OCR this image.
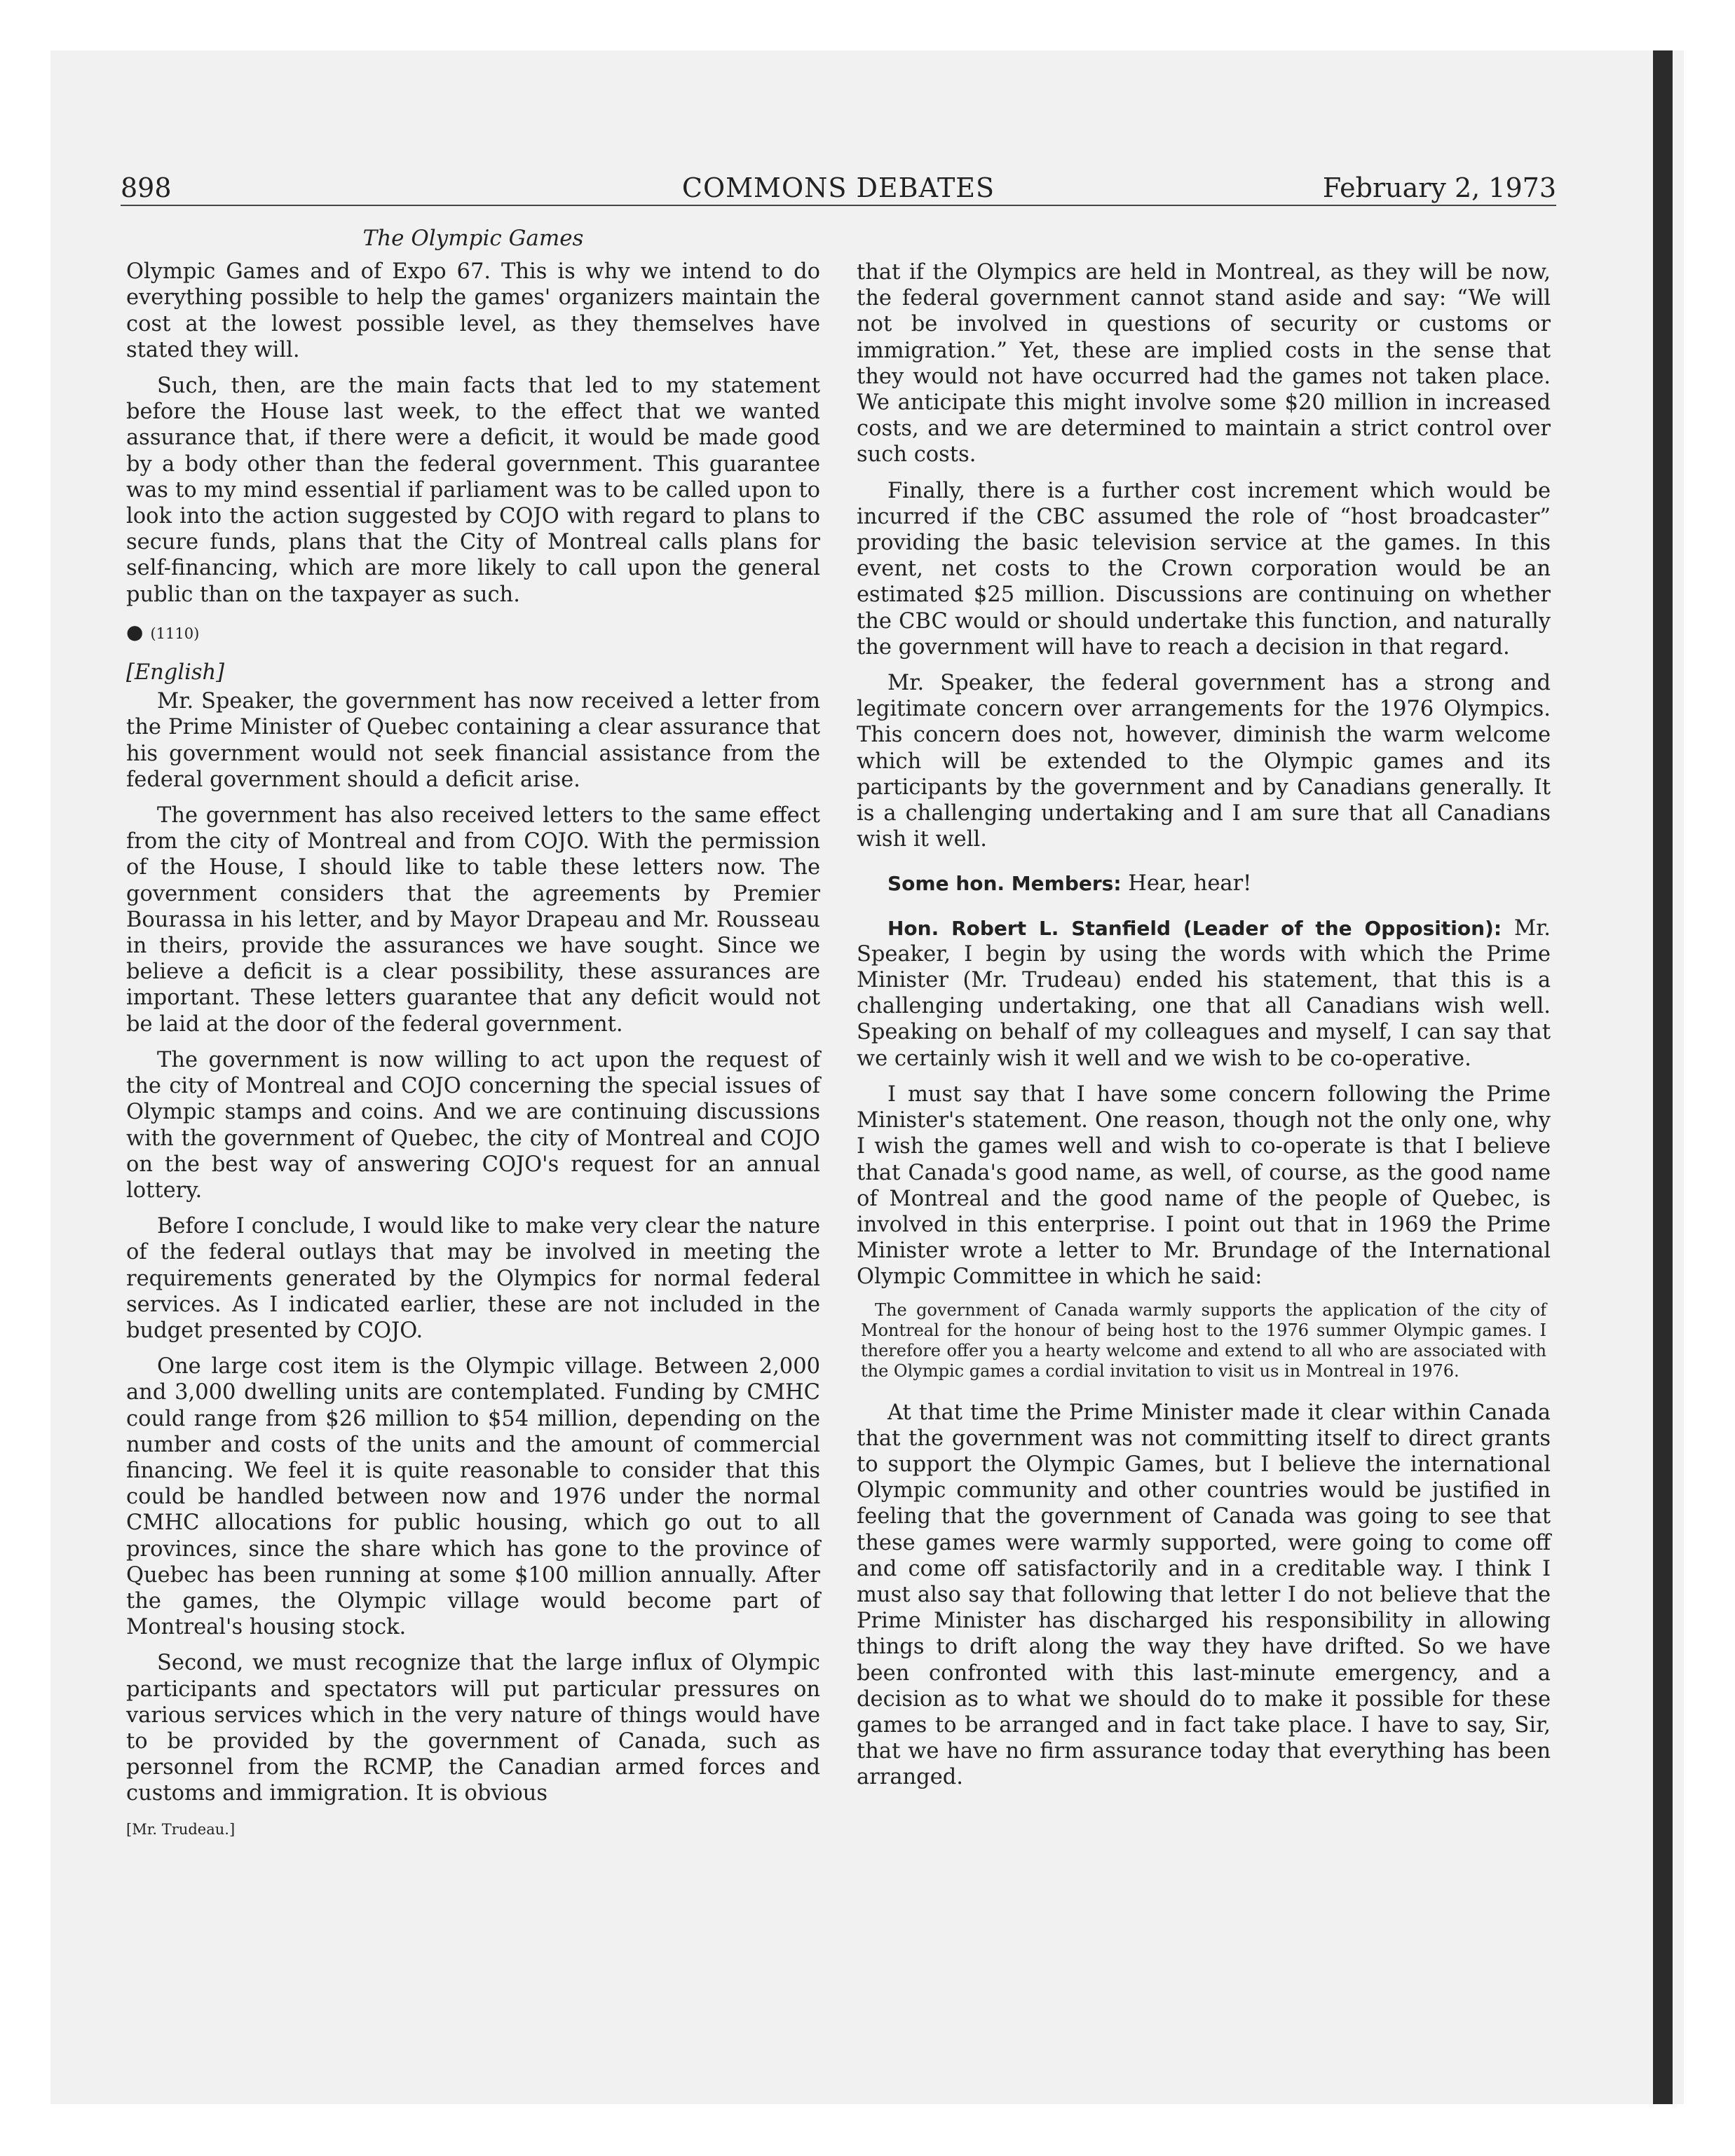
898	COMMONS DEBATES	February 2, 1973
The Olympic Games

Olympic Games and of Expo 67. This is why we intend to do everything possible to help the games' organizers maintain the cost at the lowest possible level, as they themselves have stated they will.

Such, then, are the main facts that led to my statement before the House last week, to the effect that we wanted assurance that, if there were a deficit, it would be made good by a body other than the federal government. This guarantee was to my mind essential if parliament was to be called upon to look into the action suggested by COJO with regard to plans to secure funds, plans that the City of Montreal calls plans for self-financing, which are more likely to call upon the general public than on the taxpayer as such.

● (1110)
[English]

Mr. Speaker, the government has now received a letter from the Prime Minister of Quebec containing a clear assurance that his government would not seek financial assistance from the federal government should a deficit arise.

The government has also received letters to the same effect from the city of Montreal and from COJO. With the permission of the House, I should like to table these letters now. The government considers that the agreements by Premier Bourassa in his letter, and by Mayor Drapeau and Mr. Rousseau in theirs, provide the assurances we have sought. Since we believe a deficit is a clear possibility, these assurances are important. These letters guarantee that any deficit would not be laid at the door of the federal government.

The government is now willing to act upon the request of the city of Montreal and COJO concerning the special issues of Olympic stamps and coins. And we are continuing discussions with the government of Quebec, the city of Montreal and COJO on the best way of answering COJO's request for an annual lottery.

Before I conclude, I would like to make very clear the nature of the federal outlays that may be involved in meeting the requirements generated by the Olympics for normal federal services. As I indicated earlier, these are not included in the budget presented by COJO.

One large cost item is the Olympic village. Between 2,000 and 3,000 dwelling units are contemplated. Funding by CMHC could range from $26 million to $54 million, depending on the number and costs of the units and the amount of commercial financing. We feel it is quite reasonable to consider that this could be handled between now and 1976 under the normal CMHC allocations for public housing, which go out to all provinces, since the share which has gone to the province of Quebec has been running at some $100 million annually. After the games, the Olympic village would become part of Montreal's housing stock.

Second, we must recognize that the large influx of Olympic participants and spectators will put particular pressures on various services which in the very nature of things would have to be provided by the government of Canada, such as personnel from the RCMP, the Canadian armed forces and customs and immigration. It is obvious

[Mr. Trudeau.]

that if the Olympics are held in Montreal, as they will be now, the federal government cannot stand aside and say: “We will not be involved in questions of security or customs or immigration.” Yet, these are implied costs in the sense that they would not have occurred had the games not taken place. We anticipate this might involve some $20 million in increased costs, and we are determined to maintain a strict control over such costs.

Finally, there is a further cost increment which would be incurred if the CBC assumed the role of “host broadcaster” providing the basic television service at the games. In this event, net costs to the Crown corporation would be an estimated $25 million. Discussions are continuing on whether the CBC would or should undertake this function, and naturally the government will have to reach a decision in that regard.

Mr. Speaker, the federal government has a strong and legitimate concern over arrangements for the 1976 Olympics. This concern does not, however, diminish the warm welcome which will be extended to the Olympic games and its participants by the government and by Canadians generally. It is a challenging undertaking and I am sure that all Canadians wish it well.

Some hon. Members: Hear, hear!

Hon. Robert L. Stanfield (Leader of the Opposition): Mr. Speaker, I begin by using the words with which the Prime Minister (Mr. Trudeau) ended his statement, that this is a challenging undertaking, one that all Canadians wish well. Speaking on behalf of my colleagues and myself, I can say that we certainly wish it well and we wish to be co-operative.

I must say that I have some concern following the Prime Minister's statement. One reason, though not the only one, why I wish the games well and wish to co-operate is that I believe that Canada's good name, as well, of course, as the good name of Montreal and the good name of the people of Quebec, is involved in this enterprise. I point out that in 1969 the Prime Minister wrote a letter to Mr. Brundage of the International Olympic Committee in which he said:

The government of Canada warmly supports the application of the city of Montreal for the honour of being host to the 1976 summer Olympic games. I therefore offer you a hearty welcome and extend to all who are associated with the Olympic games a cordial invitation to visit us in Montreal in 1976.

At that time the Prime Minister made it clear within Canada that the government was not committing itself to direct grants to support the Olympic Games, but I believe the international Olympic community and other countries would be justified in feeling that the government of Canada was going to see that these games were warmly supported, were going to come off and come off satisfactorily and in a creditable way. I think I must also say that following that letter I do not believe that the Prime Minister has discharged his responsibility in allowing things to drift along the way they have drifted. So we have been confronted with this last-minute emergency, and a decision as to what we should do to make it possible for these games to be arranged and in fact take place. I have to say, Sir, that we have no firm assurance today that everything has been arranged.
